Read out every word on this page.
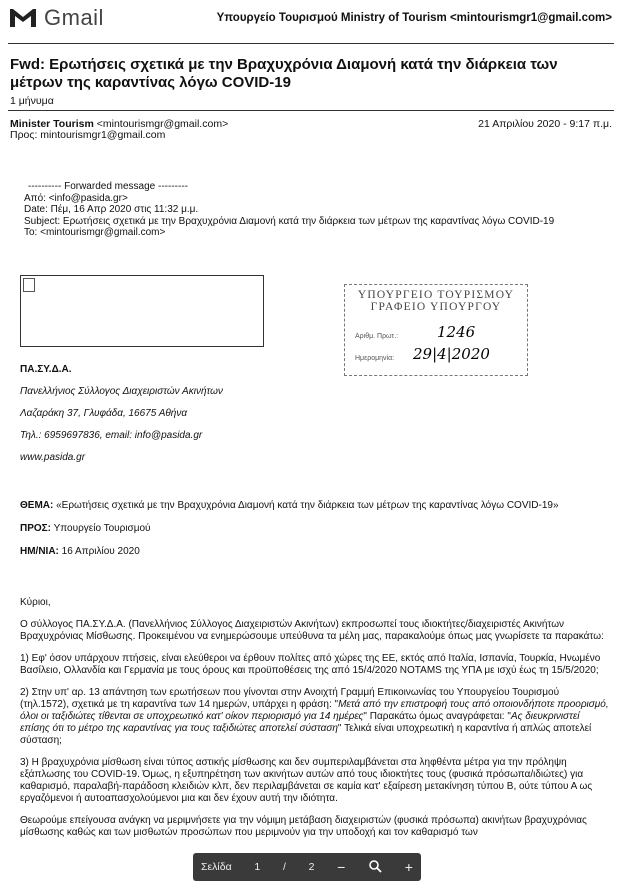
Gmail	Υπουργείο Τουρισμού Ministry of Tourism <mintourismgr1@gmail.com>
Fwd: Ερωτήσεις σχετικά με την Βραχυχρόνια Διαμονή κατά την διάρκεια των μέτρων της καραντίνας λόγω COVID-19
1 μήνυμα
Minister Tourism <mintourismgr@gmail.com>
Προς: mintourismgr1@gmail.com
21 Απριλίου 2020 - 9:17 π.μ.
---------- Forwarded message ---------
Από: <info@pasida.gr>
Date: Πέμ, 16 Απρ 2020 στις 11:32 μ.μ.
Subject: Ερωτήσεις σχετικά με την Βραχυχρόνια Διαμονή κατά την διάρκεια των μέτρων της καραντίνας λόγω COVID-19
To: <mintourismgr@gmail.com>
ΥΠΟΥΡΓΕΙΟ ΤΟΥΡΙΣΜΟΥ
ΓΡΑΦΕΙΟ ΥΠΟΥΡΓΟΥ
Αριθμ. Πρωτ.:	1246
Ημερομηνία: 29|4|2020
ΠΑ.ΣΥ.Δ.Α.
Πανελλήνιος Σύλλογος Διαχειριστών Ακινήτων
Λαζαράκη 37, Γλυφάδα, 16675 Αθήνα
Τηλ.: 6959697836, email: info@pasida.gr
www.pasida.gr
ΘΕΜΑ: «Ερωτήσεις σχετικά με την Βραχυχρόνια Διαμονή κατά την διάρκεια των μέτρων της καραντίνας λόγω COVID-19»
ΠΡΟΣ: Υπουργείο Τουρισμού
ΗΜ/ΝΙΑ: 16 Απριλίου 2020

Κύριοι,

Ο σύλλογος ΠΑ.ΣΥ.Δ.Α. (Πανελλήνιος Σύλλογος Διαχειριστών Ακινήτων) εκπροσωπεί τους ιδιοκτήτες/διαχειριστές Ακινήτων Βραχυχρόνιας Μίσθωσης. Προκειμένου να ενημερώσουμε υπεύθυνα τα μέλη μας, παρακαλούμε όπως μας γνωρίσετε τα παρακάτω:

1) Εφ' όσον υπάρχουν πτήσεις, είναι ελεύθεροι να έρθουν πολίτες από χώρες της ΕΕ, εκτός από Ιταλία, Ισπανία, Τουρκία, Ηνωμένο Βασίλειο, Ολλανδία και Γερμανία με τους όρους και προϋποθέσεις της από 15/4/2020 NOTAMS της ΥΠΑ με ισχύ έως τη 15/5/2020;

2) Στην υπ' αρ. 13 απάντηση των ερωτήσεων που γίνονται στην Ανοιχτή Γραμμή Επικοινωνίας του Υπουργείου Τουρισμού (τηλ.1572), σχετικά με τη καραντίνα των 14 ημερών, υπάρχει η φράση: "Μετά από την επιστροφή τους από οποιονδήποτε προορισμό, όλοι οι ταξιδιώτες τίθενται σε υποχρεωτικό κατ' οίκον περιορισμό για 14 ημέρες" Παρακάτω όμως αναγράφεται: "Ας διευκρινιστεί επίσης ότι το μέτρο της καραντίνας για τους ταξιδιώτες αποτελεί σύσταση" Τελικά είναι υποχρεωτική η καραντίνα ή απλώς αποτελεί σύσταση;

3) Η βραχυχρόνια μίσθωση είναι τύπος αστικής μίσθωσης και δεν συμπεριλαμβάνεται στα ληφθέντα μέτρα για την πρόληψη εξάπλωσης του COVID-19. Όμως, η εξυπηρέτηση των ακινήτων αυτών από τους ιδιοκτήτες τους (φυσικά πρόσωπα/ιδιώτες) για καθαρισμό, παραλαβή-παράδοση κλειδιών κλπ, δεν περιλαμβάνεται σε καμία κατ' εξαίρεση μετακίνηση τύπου Β, ούτε τύπου Α ως εργαζόμενοι ή αυτοαπασχολούμενοι μια και δεν έχουν αυτή την ιδιότητα.

Θεωρούμε επείγουσα ανάγκη να μεριμνήσετε για την νόμιμη μετάβαση διαχειριστών (φυσικά πρόσωπα) ακινήτων βραχυχρόνιας μίσθωσης καθώς και των μισθωτών προσώπων που μεριμνούν για την υποδοχή και τον καθαρισμό των

Σελίδα 1 / 2 −	+
